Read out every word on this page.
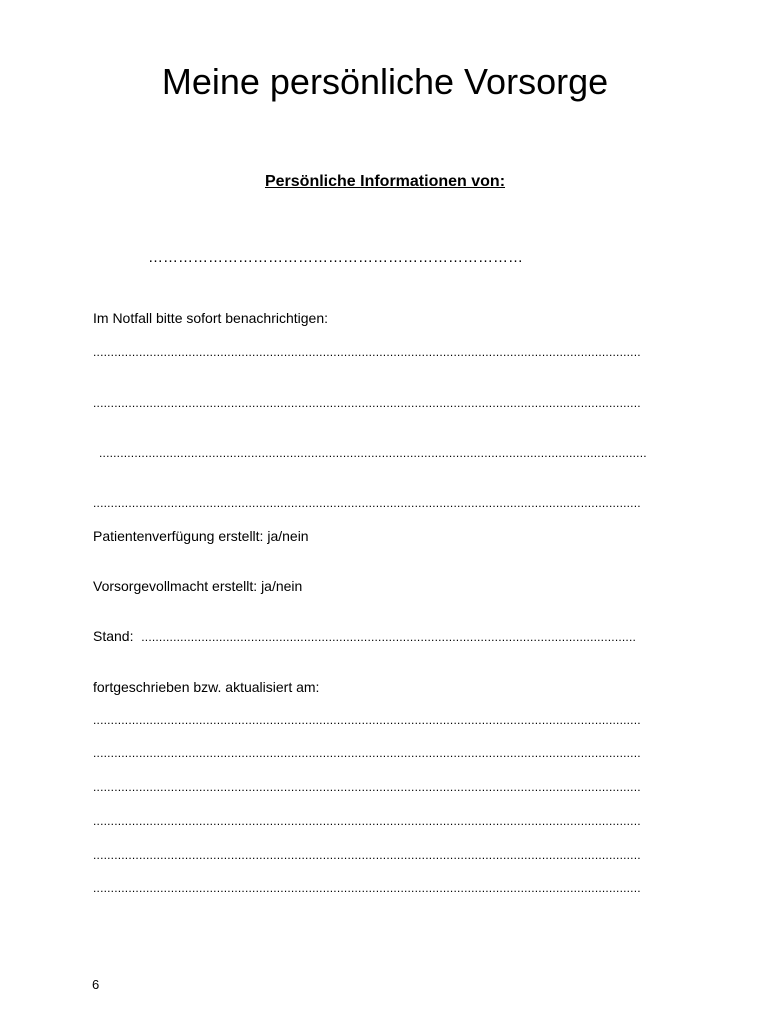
Meine persönliche Vorsorge
Persönliche Informationen von:
…………………………………………………………………
Im Notfall bitte sofort benachrichtigen:
...........................................................................................................................................................
...........................................................................................................................................................
...........................................................................................................................................................
...........................................................................................................................................................
Patientenverfügung erstellt: ja/nein
Vorsorgevollmacht erstellt: ja/nein
Stand: ............................................................................................................................................
fortgeschrieben bzw. aktualisiert am:
...........................................................................................................................................................
...........................................................................................................................................................
...........................................................................................................................................................
...........................................................................................................................................................
...........................................................................................................................................................
...........................................................................................................................................................
6
